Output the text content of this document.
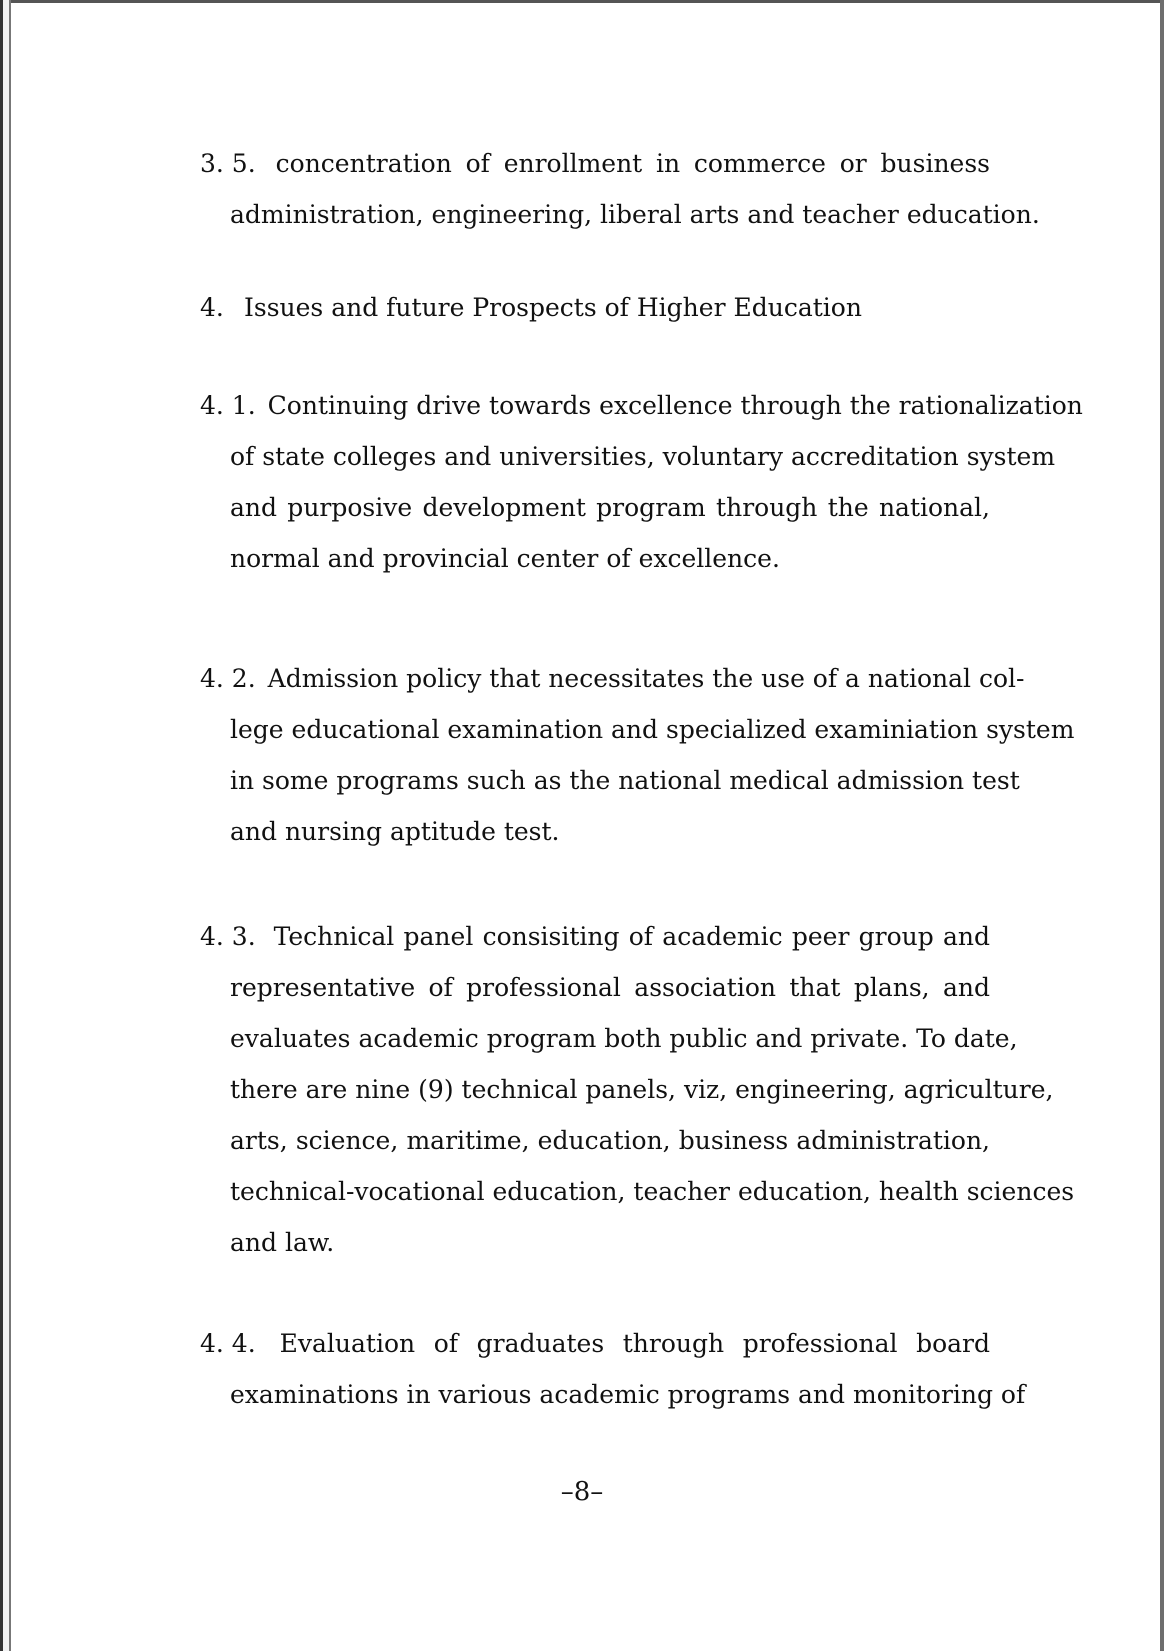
3. 5. concentration of enrollment in commerce or business
administration, engineering, liberal arts and teacher education.
4. Issues and future Prospects of Higher Education
4. 1. Continuing drive towards excellence through the rationalization
of state colleges and universities, voluntary accreditation system
and purposive development program through the national,
normal and provincial center of excellence.
4. 2. Admission policy that necessitates the use of a national col-
lege educational examination and specialized examiniation system
in some programs such as the national medical admission test
and nursing aptitude test.
4. 3. Technical panel consisiting of academic peer group and
representative of professional association that plans, and
evaluates academic program both public and private. To date,
there are nine (9) technical panels, viz, engineering, agriculture,
arts, science, maritime, education, business administration,
technical-vocational education, teacher education, health sciences
and law.
4. 4. Evaluation of graduates through professional board
examinations in various academic programs and monitoring of
–8–
